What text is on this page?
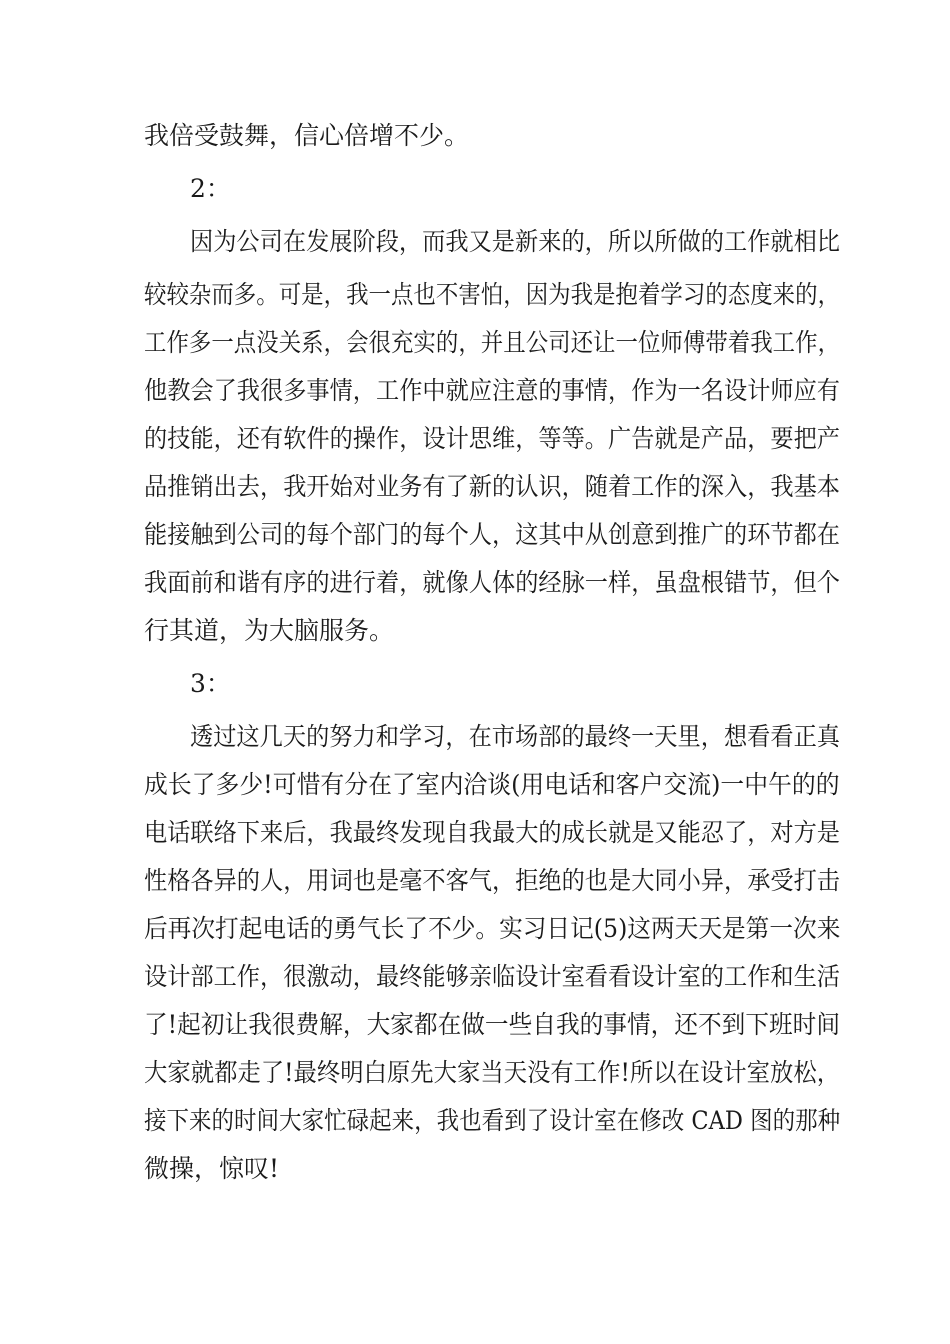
我倍受鼓舞，信心倍增不少。
2：
因为公司在发展阶段，而我又是新来的，所以所做的工作就相比
较较杂而多。可是，我一点也不害怕，因为我是抱着学习的态度来的，
工作多一点没关系，会很充实的，并且公司还让一位师傅带着我工作，
他教会了我很多事情，工作中就应注意的事情，作为一名设计师应有
的技能，还有软件的操作，设计思维，等等。广告就是产品，要把产
品推销出去，我开始对业务有了新的认识，随着工作的深入，我基本
能接触到公司的每个部门的每个人，这其中从创意到推广的环节都在
我面前和谐有序的进行着，就像人体的经脉一样，虽盘根错节，但个
行其道，为大脑服务。
3：
透过这几天的努力和学习，在市场部的最终一天里，想看看正真
成长了多少!可惜有分在了室内洽谈(用电话和客户交流)一中午的的
电话联络下来后，我最终发现自我最大的成长就是又能忍了，对方是
性格各异的人，用词也是毫不客气，拒绝的也是大同小异，承受打击
后再次打起电话的勇气长了不少。实习日记(5)这两天天是第一次来
设计部工作，很激动，最终能够亲临设计室看看设计室的工作和生活
了!起初让我很费解，大家都在做一些自我的事情，还不到下班时间
大家就都走了!最终明白原先大家当天没有工作!所以在设计室放松，
接下来的时间大家忙碌起来，我也看到了设计室在修改 CAD 图的那种
微操，惊叹!
